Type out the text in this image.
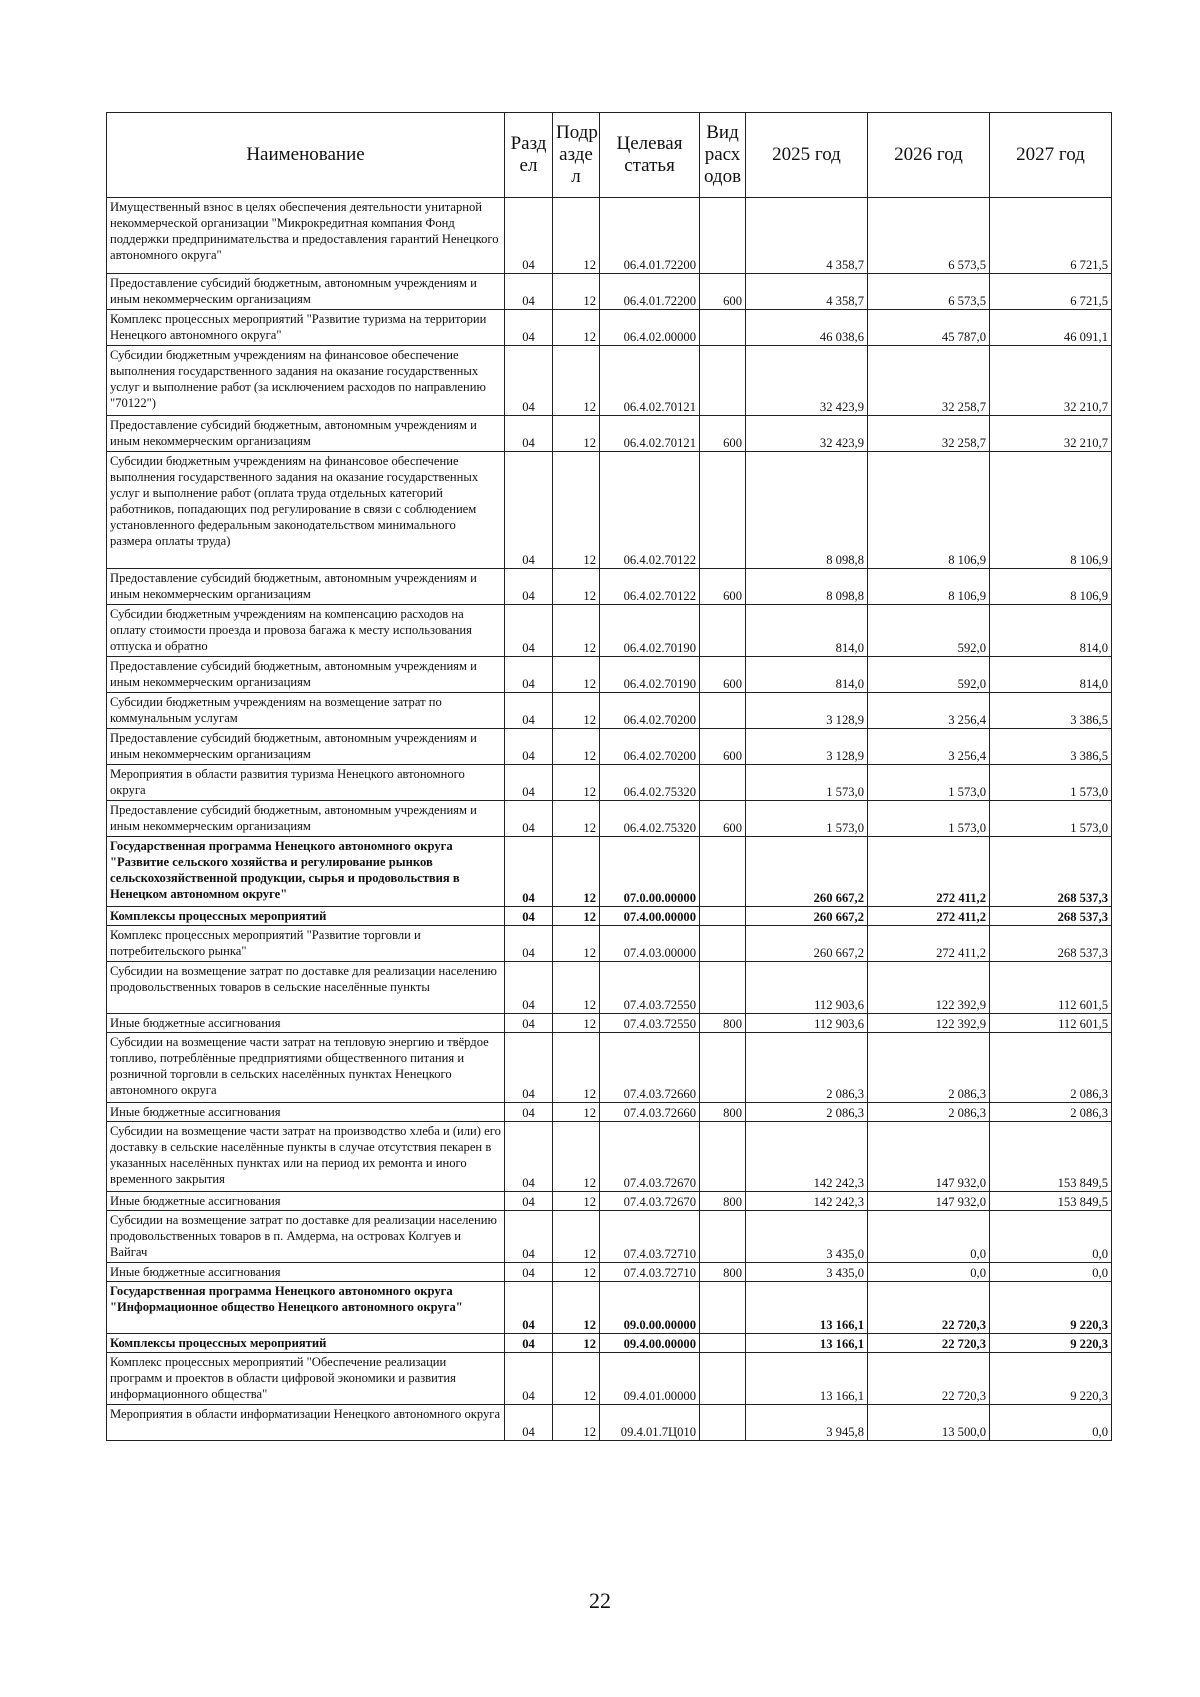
Наименование	Разд ел	Подр азде л	Целевая статья	Вид расх одов	2025 год	2026 год	2027 год
Имущественный взнос в целях обеспечения деятельности унитарной некоммерческой организации "Микрокредитная компания Фонд поддержки предпринимательства и предоставления гарантий Ненецкого автономного округа"	04	12	06.4.01.72200		4 358,7	6 573,5	6 721,5
Предоставление субсидий бюджетным, автономным учреждениям и иным некоммерческим организациям	04	12	06.4.01.72200	600	4 358,7	6 573,5	6 721,5
Комплекс процессных мероприятий "Развитие туризма на территории Ненецкого автономного округа"	04	12	06.4.02.00000		46 038,6	45 787,0	46 091,1
Субсидии бюджетным учреждениям на финансовое обеспечение выполнения государственного задания на оказание государственных услуг и выполнение работ (за исключением расходов по направлению "70122")	04	12	06.4.02.70121		32 423,9	32 258,7	32 210,7
Предоставление субсидий бюджетным, автономным учреждениям и иным некоммерческим организациям	04	12	06.4.02.70121	600	32 423,9	32 258,7	32 210,7
Субсидии бюджетным учреждениям на финансовое обеспечение выполнения государственного задания на оказание государственных услуг и выполнение работ (оплата труда отдельных категорий работников, попадающих под регулирование в связи с соблюдением установленного федеральным законодательством минимального размера оплаты труда)	04	12	06.4.02.70122		8 098,8	8 106,9	8 106,9
Предоставление субсидий бюджетным, автономным учреждениям и иным некоммерческим организациям	04	12	06.4.02.70122	600	8 098,8	8 106,9	8 106,9
Субсидии бюджетным учреждениям на компенсацию расходов на оплату стоимости проезда и провоза багажа к месту использования отпуска и обратно	04	12	06.4.02.70190		814,0	592,0	814,0
Предоставление субсидий бюджетным, автономным учреждениям и иным некоммерческим организациям	04	12	06.4.02.70190	600	814,0	592,0	814,0
Субсидии бюджетным учреждениям на возмещение затрат по коммунальным услугам	04	12	06.4.02.70200		3 128,9	3 256,4	3 386,5
Предоставление субсидий бюджетным, автономным учреждениям и иным некоммерческим организациям	04	12	06.4.02.70200	600	3 128,9	3 256,4	3 386,5
Мероприятия в области развития туризма Ненецкого автономного округа	04	12	06.4.02.75320		1 573,0	1 573,0	1 573,0
Предоставление субсидий бюджетным, автономным учреждениям и иным некоммерческим организациям	04	12	06.4.02.75320	600	1 573,0	1 573,0	1 573,0
Государственная программа Ненецкого автономного округа "Развитие сельского хозяйства и регулирование рынков сельскохозяйственной продукции, сырья и продовольствия в Ненецком автономном округе"	04	12	07.0.00.00000		260 667,2	272 411,2	268 537,3
Комплексы процессных мероприятий	04	12	07.4.00.00000		260 667,2	272 411,2	268 537,3
Комплекс процессных мероприятий "Развитие торговли и потребительского рынка"	04	12	07.4.03.00000		260 667,2	272 411,2	268 537,3
Субсидии на возмещение затрат по доставке для реализации населению продовольственных товаров в сельские населённые пункты	04	12	07.4.03.72550		112 903,6	122 392,9	112 601,5
Иные бюджетные ассигнования	04	12	07.4.03.72550	800	112 903,6	122 392,9	112 601,5
Субсидии на возмещение части затрат на тепловую энергию и твёрдое топливо, потреблённые предприятиями общественного питания и розничной торговли в сельских населённых пунктах Ненецкого автономного округа	04	12	07.4.03.72660		2 086,3	2 086,3	2 086,3
Иные бюджетные ассигнования	04	12	07.4.03.72660	800	2 086,3	2 086,3	2 086,3
Субсидии на возмещение части затрат на производство хлеба и (или) его доставку в сельские населённые пункты в случае отсутствия пекарен в указанных населённых пунктах или на период их ремонта и иного временного закрытия	04	12	07.4.03.72670		142 242,3	147 932,0	153 849,5
Иные бюджетные ассигнования	04	12	07.4.03.72670	800	142 242,3	147 932,0	153 849,5
Субсидии на возмещение затрат по доставке для реализации населению продовольственных товаров в п. Амдерма, на островах Колгуев и Вайгач	04	12	07.4.03.72710		3 435,0	0,0	0,0
Иные бюджетные ассигнования	04	12	07.4.03.72710	800	3 435,0	0,0	0,0
Государственная программа Ненецкого автономного округа "Информационное общество Ненецкого автономного округа"	04	12	09.0.00.00000		13 166,1	22 720,3	9 220,3
Комплексы процессных мероприятий	04	12	09.4.00.00000		13 166,1	22 720,3	9 220,3
Комплекс процессных мероприятий "Обеспечение реализации программ и проектов в области цифровой экономики и развития информационного общества"	04	12	09.4.01.00000		13 166,1	22 720,3	9 220,3
Мероприятия в области информатизации Ненецкого автономного округа	04	12	09.4.01.7Ц010		3 945,8	13 500,0	0,0
22
